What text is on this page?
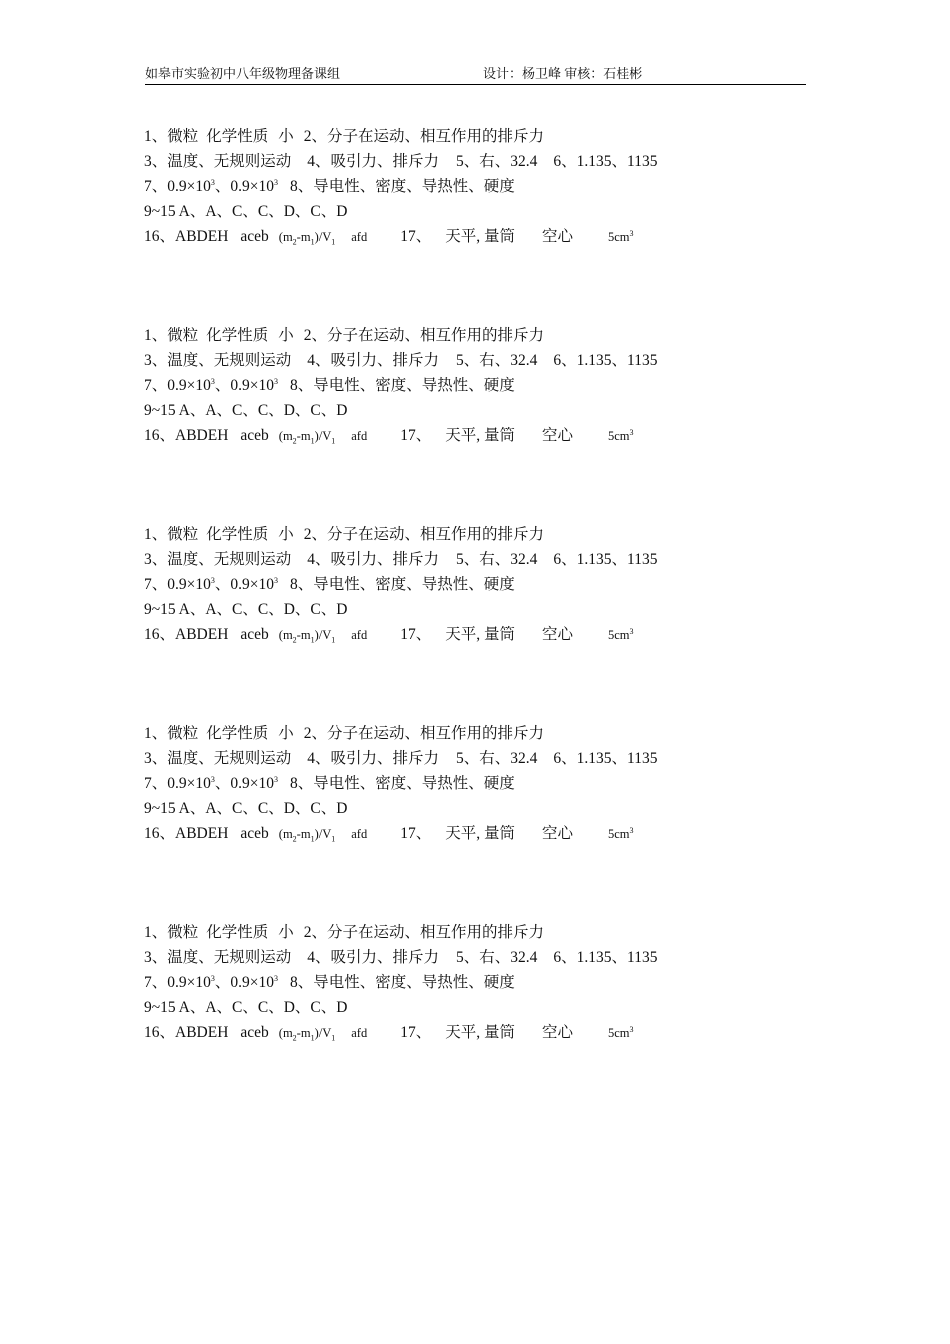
如皋市实验初中八年级物理备课组	设计：杨卫峰 审核：石桂彬
1、微粒 化学性质 小 2、分子在运动、相互作用的排斥力
3、温度、无规则运动 4、吸引力、排斥力 5、右、32.4 6、1.135、1135
7、$0.9\times 10^3$、$0.9\times 10^3$ 8、导电性、密度、导热性、硬度
9~15 A、A、C、C、D、C、D
16、ABDEH aceb $(m_2-m_1)/V_1$ afd 17、 天平, 量筒 空心	$5cm^3$
1、微粒 化学性质 小 2、分子在运动、相互作用的排斥力
3、温度、无规则运动 4、吸引力、排斥力 5、右、32.4 6、1.135、1135
7、$0.9\times 10^3$、$0.9\times 10^3$ 8、导电性、密度、导热性、硬度
9~15 A、A、C、C、D、C、D
16、ABDEH aceb $(m_2-m_1)/V_1$ afd 17、 天平, 量筒 空心	$5cm^3$
1、微粒 化学性质 小 2、分子在运动、相互作用的排斥力
3、温度、无规则运动 4、吸引力、排斥力 5、右、32.4 6、1.135、1135
7、$0.9\times 10^3$、$0.9\times 10^3$ 8、导电性、密度、导热性、硬度
9~15 A、A、C、C、D、C、D
16、ABDEH aceb $(m_2-m_1)/V_1$ afd 17、 天平, 量筒 空心	$5cm^3$
1、微粒 化学性质 小 2、分子在运动、相互作用的排斥力
3、温度、无规则运动 4、吸引力、排斥力 5、右、32.4 6、1.135、1135
7、$0.9\times 10^3$、$0.9\times 10^3$ 8、导电性、密度、导热性、硬度
9~15 A、A、C、C、D、C、D
16、ABDEH aceb $(m_2-m_1)/V_1$ afd 17、 天平, 量筒 空心	$5cm^3$
1、微粒 化学性质 小 2、分子在运动、相互作用的排斥力
3、温度、无规则运动 4、吸引力、排斥力 5、右、32.4 6、1.135、1135
7、$0.9\times 10^3$、$0.9\times 10^3$ 8、导电性、密度、导热性、硬度
9~15 A、A、C、C、D、C、D
16、ABDEH aceb $(m_2-m_1)/V_1$ afd 17、 天平, 量筒 空心	$5cm^3$
